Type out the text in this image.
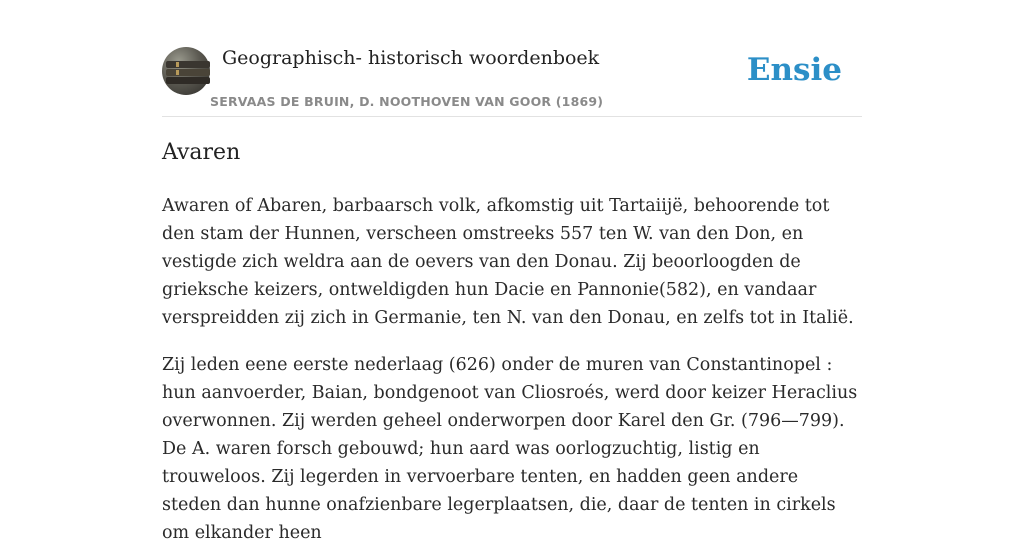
Geographisch- historisch woordenboek
SERVAAS DE BRUIN, D. NOOTHOVEN VAN GOOR (1869)
Ensie
Avaren

Awaren of Abaren, barbaarsch volk, afkomstig uit Tartaiijë, behoorende tot den stam der Hunnen, verscheen omstreeks 557 ten W. van den Don, en vestigde zich weldra aan de oevers van den Donau. Zij beoorloogden de grieksche keizers, ontweldigden hun Dacie en Pannonie(582), en vandaar verspreidden zij zich in Germanie, ten N. van den Donau, en zelfs tot in Italië.

Zij leden eene eerste nederlaag (626) onder de muren van Constantinopel : hun aanvoerder, Baian, bondgenoot van Cliosroés, werd door keizer Heraclius overwonnen. Zij werden geheel onderworpen door Karel den Gr. (796—799). De A. waren forsch gebouwd; hun aard was oorlogzuchtig, listig en trouweloos. Zij legerden in vervoerbare tenten, en hadden geen andere steden dan hunne onafzienbare legerplaatsen, die, daar de tenten in cirkels om elkander heen
